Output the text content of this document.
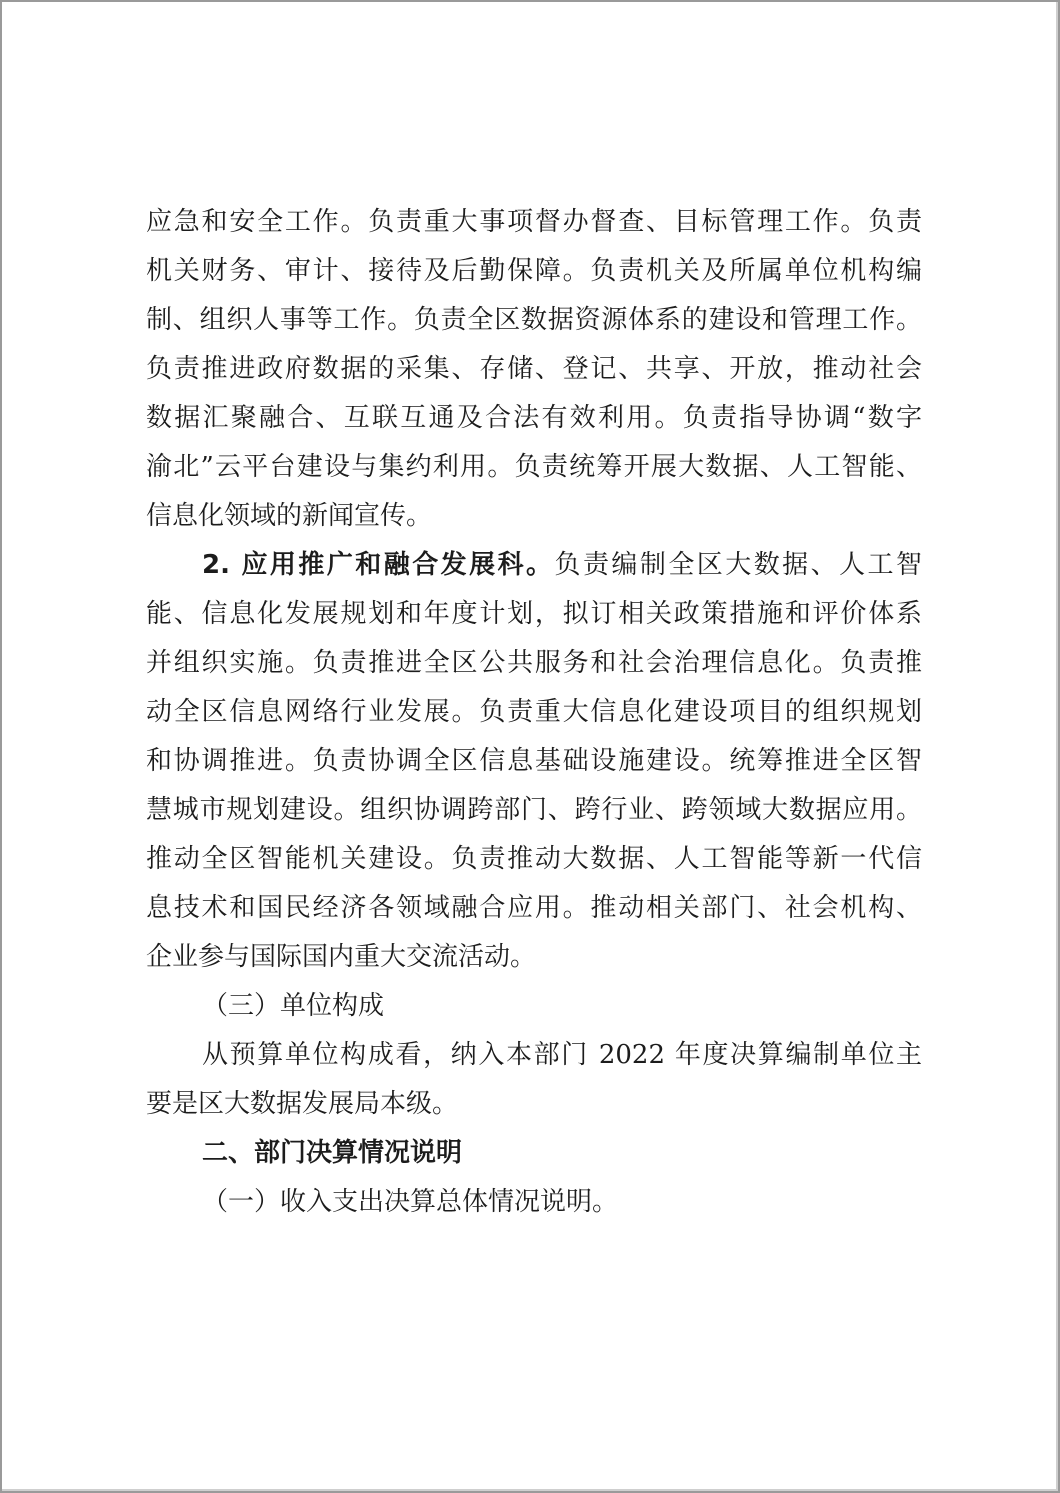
应急和安全工作。负责重大事项督办督查、目标管理工作。负责
机关财务、审计、接待及后勤保障。负责机关及所属单位机构编
制、组织人事等工作。负责全区数据资源体系的建设和管理工作。
负责推进政府数据的采集、存储、登记、共享、开放，推动社会
数据汇聚融合、互联互通及合法有效利用。负责指导协调“数字
渝北”云平台建设与集约利用。负责统筹开展大数据、人工智能、
信息化领域的新闻宣传。
2. 应用推广和融合发展科。负责编制全区大数据、人工智
能、信息化发展规划和年度计划，拟订相关政策措施和评价体系
并组织实施。负责推进全区公共服务和社会治理信息化。负责推
动全区信息网络行业发展。负责重大信息化建设项目的组织规划
和协调推进。负责协调全区信息基础设施建设。统筹推进全区智
慧城市规划建设。组织协调跨部门、跨行业、跨领域大数据应用。
推动全区智能机关建设。负责推动大数据、人工智能等新一代信
息技术和国民经济各领域融合应用。推动相关部门、社会机构、
企业参与国际国内重大交流活动。
（三）单位构成
从预算单位构成看，纳入本部门 2022 年度决算编制单位主
要是区大数据发展局本级。
二、部门决算情况说明
（一）收入支出决算总体情况说明。
